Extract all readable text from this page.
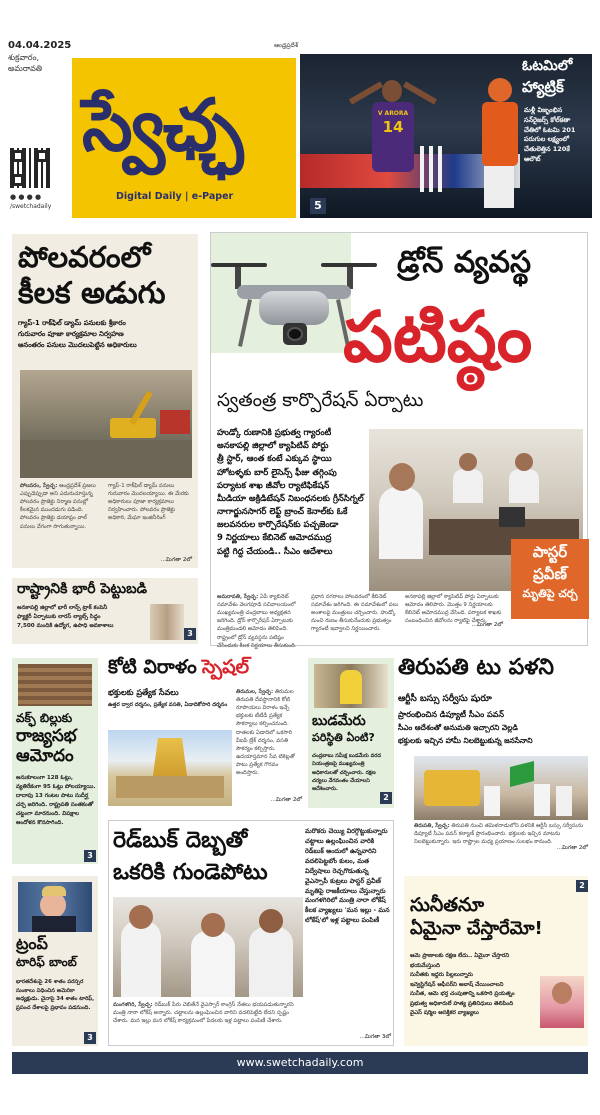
04.04.2025
శుక్రవారం,
అమరావతి
● ● ● ●
/swetchadaily
స్వేఛ్ఛ
Digital Daily | e-Paper
ఆంధ్రప్రదేశ్
V ARORA
14
5
ఓటమిలో
హ్యాట్రిక్
మళ్లీ విజృంభిన సన్‌రైజర్స్ కోల్‌కతా చేతిలో ఓటమి 201 పరుగుల లక్ష్యంలో చేతులెత్తిన 120కే ఆలౌట్
పోలవరంలో
కీలక అడుగు
గ్యాప్-1 రాక్‌ఫిల్ డ్యామ్ పనులకు శ్రీకారం
గురువారం పూజా కార్యక్రమాల నిర్వహణ
అనంతరం పనులు మొదలుపెట్టిన అధికారులు
పోలవరం, స్వేచ్ఛ: ఆంధ్రప్రదేశ్ ప్రజలు ఎప్పుడెప్పుడా అని ఎదురుచూస్తున్న పోలవరం ప్రాజెక్టు నిర్మాణ పనుల్లో కీలకమైన ముందడుగు పడింది. పోలవరం ప్రాజెక్టు డయాఫ్రం వాల్ పనులు వేగంగా సాగుతున్నాయి.
గ్యాప్-1 రాక్‌ఫిల్ డ్యామ్ పనులు గురువారం మొదలయ్యాయి. ఈ మేరకు అధికారులు పూజా కార్యక్రమాలు నిర్వహించారు. పోలవరం ప్రాజెక్టు అధికారి, మేఘా ఇంజినీరింగ్
…మిగతా 2లో
రాష్ట్రానికి భారీ పెట్టుబడి
అనకాపల్లి జిల్లాలో భారీ లాన్స్ ట్రాక్ కంపెనీ
ఫ్యాక్టరీ ఏర్పాటుకు లారస్ ల్యాబ్స్ సిద్ధం
7,500 మందికి ఉద్యోగ, ఉపాధి అవకాశాలు
3
డ్రోన్ వ్యవస్థ
పటిష్ఠం
స్వతంత్ర కార్పొరేషన్ ఏర్పాటు
హుడ్కో రుణానికి ప్రభుత్వ గ్యారంటీ
అనకాపల్లి జిల్లాలో క్యాపిటివ్ పోర్టు
త్రీ స్టార్, ఆంత కంటే ఎక్కువ స్థాయి
హోటళ్ళకు బార్ లైసెన్స్ ఫీజు తగ్గింపు
పర్యాటక శాఖ జీవోల ర్యాటిఫికేషన్
మీడియా అక్రిడిటేషన్ నిబంధనలకు గ్రీన్‌సిగ్నల్
నాగార్జునసాగర్ లెఫ్ట్ బ్రాంచ్ కెనాల్‌కు ఓకే
జలవనరుల కార్పొరేషన్‌కు పచ్చజెండా
9 నిర్ణయాలు కేబినెట్ ఆమోదముద్ర
పట్టి గిద్ద చేయండి.. సీఎం ఆదేశాలు	పాస్టర్
ప్రవీణ్
మృతిపై చర్చ
అమరావతి, స్వేచ్ఛ: ఏపీ క్యాబినెట్ సమావేశం వెలగపూడి సచివాలయంలో ముఖ్యమంత్రి చంద్రబాబు అధ్యక్షతన జరిగింది. డ్రోన్ కార్పొరేషన్ ఏర్పాటుకు మంత్రిమండలి ఆమోదం తెలిపింది. రాష్ట్రంలో డ్రోన్ వ్యవస్థను పటిష్ఠం చేసేందుకు కీలక నిర్ణయాలు తీసుకుంది.
ప్రధాన నగరాలు పోలవరంలో కేబినెట్ సమావేశం జరిగింది. ఈ సమావేశంలో పలు అంశాలపై మంత్రులు చర్చించారు. హుడ్కో నుంచి రుణం తీసుకునేందుకు ప్రభుత్వం గ్యారంటీ ఇవ్వాలని నిర్ణయించారు.
అనకాపల్లి జిల్లాలో క్యాపిటివ్ పోర్టు ఏర్పాటుకు ఆమోదం తెలిపారు. మొత్తం 9 నిర్ణయాలకు కేబినెట్ ఆమోదముద్ర వేసింది. పర్యాటక శాఖకు సంబంధించిన జీవోలను ర్యాటిఫై చేశారు.
…మిగతా 2లో
వక్ఫ్ బిల్లుకు
రాజ్యసభ
ఆమోదం
అనుకూలంగా 128 ఓట్లు, వ్యతిరేకంగా 95 ఓట్లు పోలయ్యాయి. దాదాపు 13 గంటల పాటు సుదీర్ఘ చర్చ జరిగింది. రాష్ట్రపతి సంతకంతో చట్టంగా మారనుంది. విపక్షాల ఆందోళన కొనసాగింది.
3
కోటి విరాళం స్పెషల్
భక్తులకు ప్రత్యేక సేవలు
ఉత్తర ద్వార దర్శనం, ప్రత్యేక వసతి, ఏడాదికోసారి దర్శనం
తిరుమల, స్వేచ్ఛ: తిరుమల తిరుపతి దేవస్థానానికి కోటి రూపాయలు విరాళం ఇచ్చే భక్తులకు టీటీడీ ప్రత్యేక సౌకర్యాలు కల్పించనుంది. దాతలకు ఏడాదిలో ఒకసారి వీఐపీ బ్రేక్ దర్శనం, వసతి సౌకర్యం కల్పిస్తారు. ఉదయాస్తమాన సేవ టికెట్లతో పాటు ప్రత్యేక గౌరవం అందిస్తారు.
…మిగతా 2లో
బుడమేరు
పరిస్థితి ఏంటి?
చంద్రబాబు సమీక్ష బుడమేరు వరద నియంత్రణపై ముఖ్యమంత్రి అధికారులతో చర్చించారు. రక్షణ చర్యలు వేగవంతం చేయాలని ఆదేశించారు.
2
తిరుపతి టు పళని
ఆర్టీసీ బస్సు సర్వీసు షురూ
ప్రారంభించిన డిప్యూటీ సీఎం పవన్
సీఎం ఆదేశంతో అనుమతి ఇచ్చారని వెల్లడి
భక్తులకు ఇచ్చిన హామీ నిలబెట్టుకున్న జనసేనాని
తిరుపతి, స్వేచ్ఛ: తిరుపతి నుంచి తమిళనాడులోని పళనికి ఆర్టీసీ బస్సు సర్వీసును డిప్యూటీ సీఎం పవన్ కల్యాణ్ ప్రారంభించారు. భక్తులకు ఇచ్చిన మాటను నిలబెట్టుకున్నారు. ఇరు రాష్ట్రాల మధ్య ప్రయాణం సులభం కానుంది.
…మిగతా 2లో
రెడ్‌బుక్ దెబ్బతో
ఒకరికి గుండెపోటు
మరొకరు చెయ్యి విరగ్గొట్టుకున్నారు చట్టాలు ఉల్లంఘించిన వారికి రెడ్‌బుక్ అందులో ఉన్నవారిని వదలిపెట్టబోం కులం, మత విద్వేషాలు రెచ్చగొడుతున్న వైఎస్సాపీ కుట్రలు పాస్టర్ ప్రవీణ్ మృతిపై రాజకీయాలు చేస్తున్నారు మంగళగిరిలో మంత్రి నారా లోకేష్ కీలక వ్యాఖ్యలు 'మన ఇల్లు - మన లోకేష్'లో ఇళ్ల పట్టాలు పంపిణీ
మంగళగిరి, స్వేచ్ఛ: రెడ్‌బుక్ పేరు చెబితేనే వైఎస్సార్ కాంగ్రెస్ నేతలు భయపడుతున్నారని మంత్రి నారా లోకేష్ అన్నారు. చట్టాలను ఉల్లంఘించిన వారిని వదలిపెట్టేది లేదని స్పష్టం చేశారు. మన ఇల్లు మన లోకేష్ కార్యక్రమంలో పేదలకు ఇళ్ల పట్టాలు పంపిణీ చేశారు.
…మిగతా 3లో
ట్రంప్
టారిఫ్ బాంబ్
భారతదేశంపై 26 శాతం పరస్పర సుంకాలు విధించిన అమెరికా అధ్యక్షుడు. చైనాపై 34 శాతం టారిఫ్, ప్రపంచ దేశాలపై ప్రభావం పడనుంది.
3
సునీతనూ
ఏమైనా చేస్తారేమో!
ఆమె ప్రాణాలకు రక్షణ లేదు.. ఏమైనా చేస్తారని భయమేస్తుంది
సునీతకు ఇద్దరు పిల్లలున్నారు
ఇన్వెస్టిగేషన్ ఆఫీసర్‌ని అబాష్ చేయించాలని
సునీత, ఆమె భర్త చంపుతాన్ని ఒకసారి ప్రయత్నం
ప్రభుత్వ అధికారులే హత్య ప్రతినిధులు తెలిపింది
వైఎస్ షర్మిల ఆసక్తికర వ్యాఖ్యలు
2
www.swetchadaily.com
